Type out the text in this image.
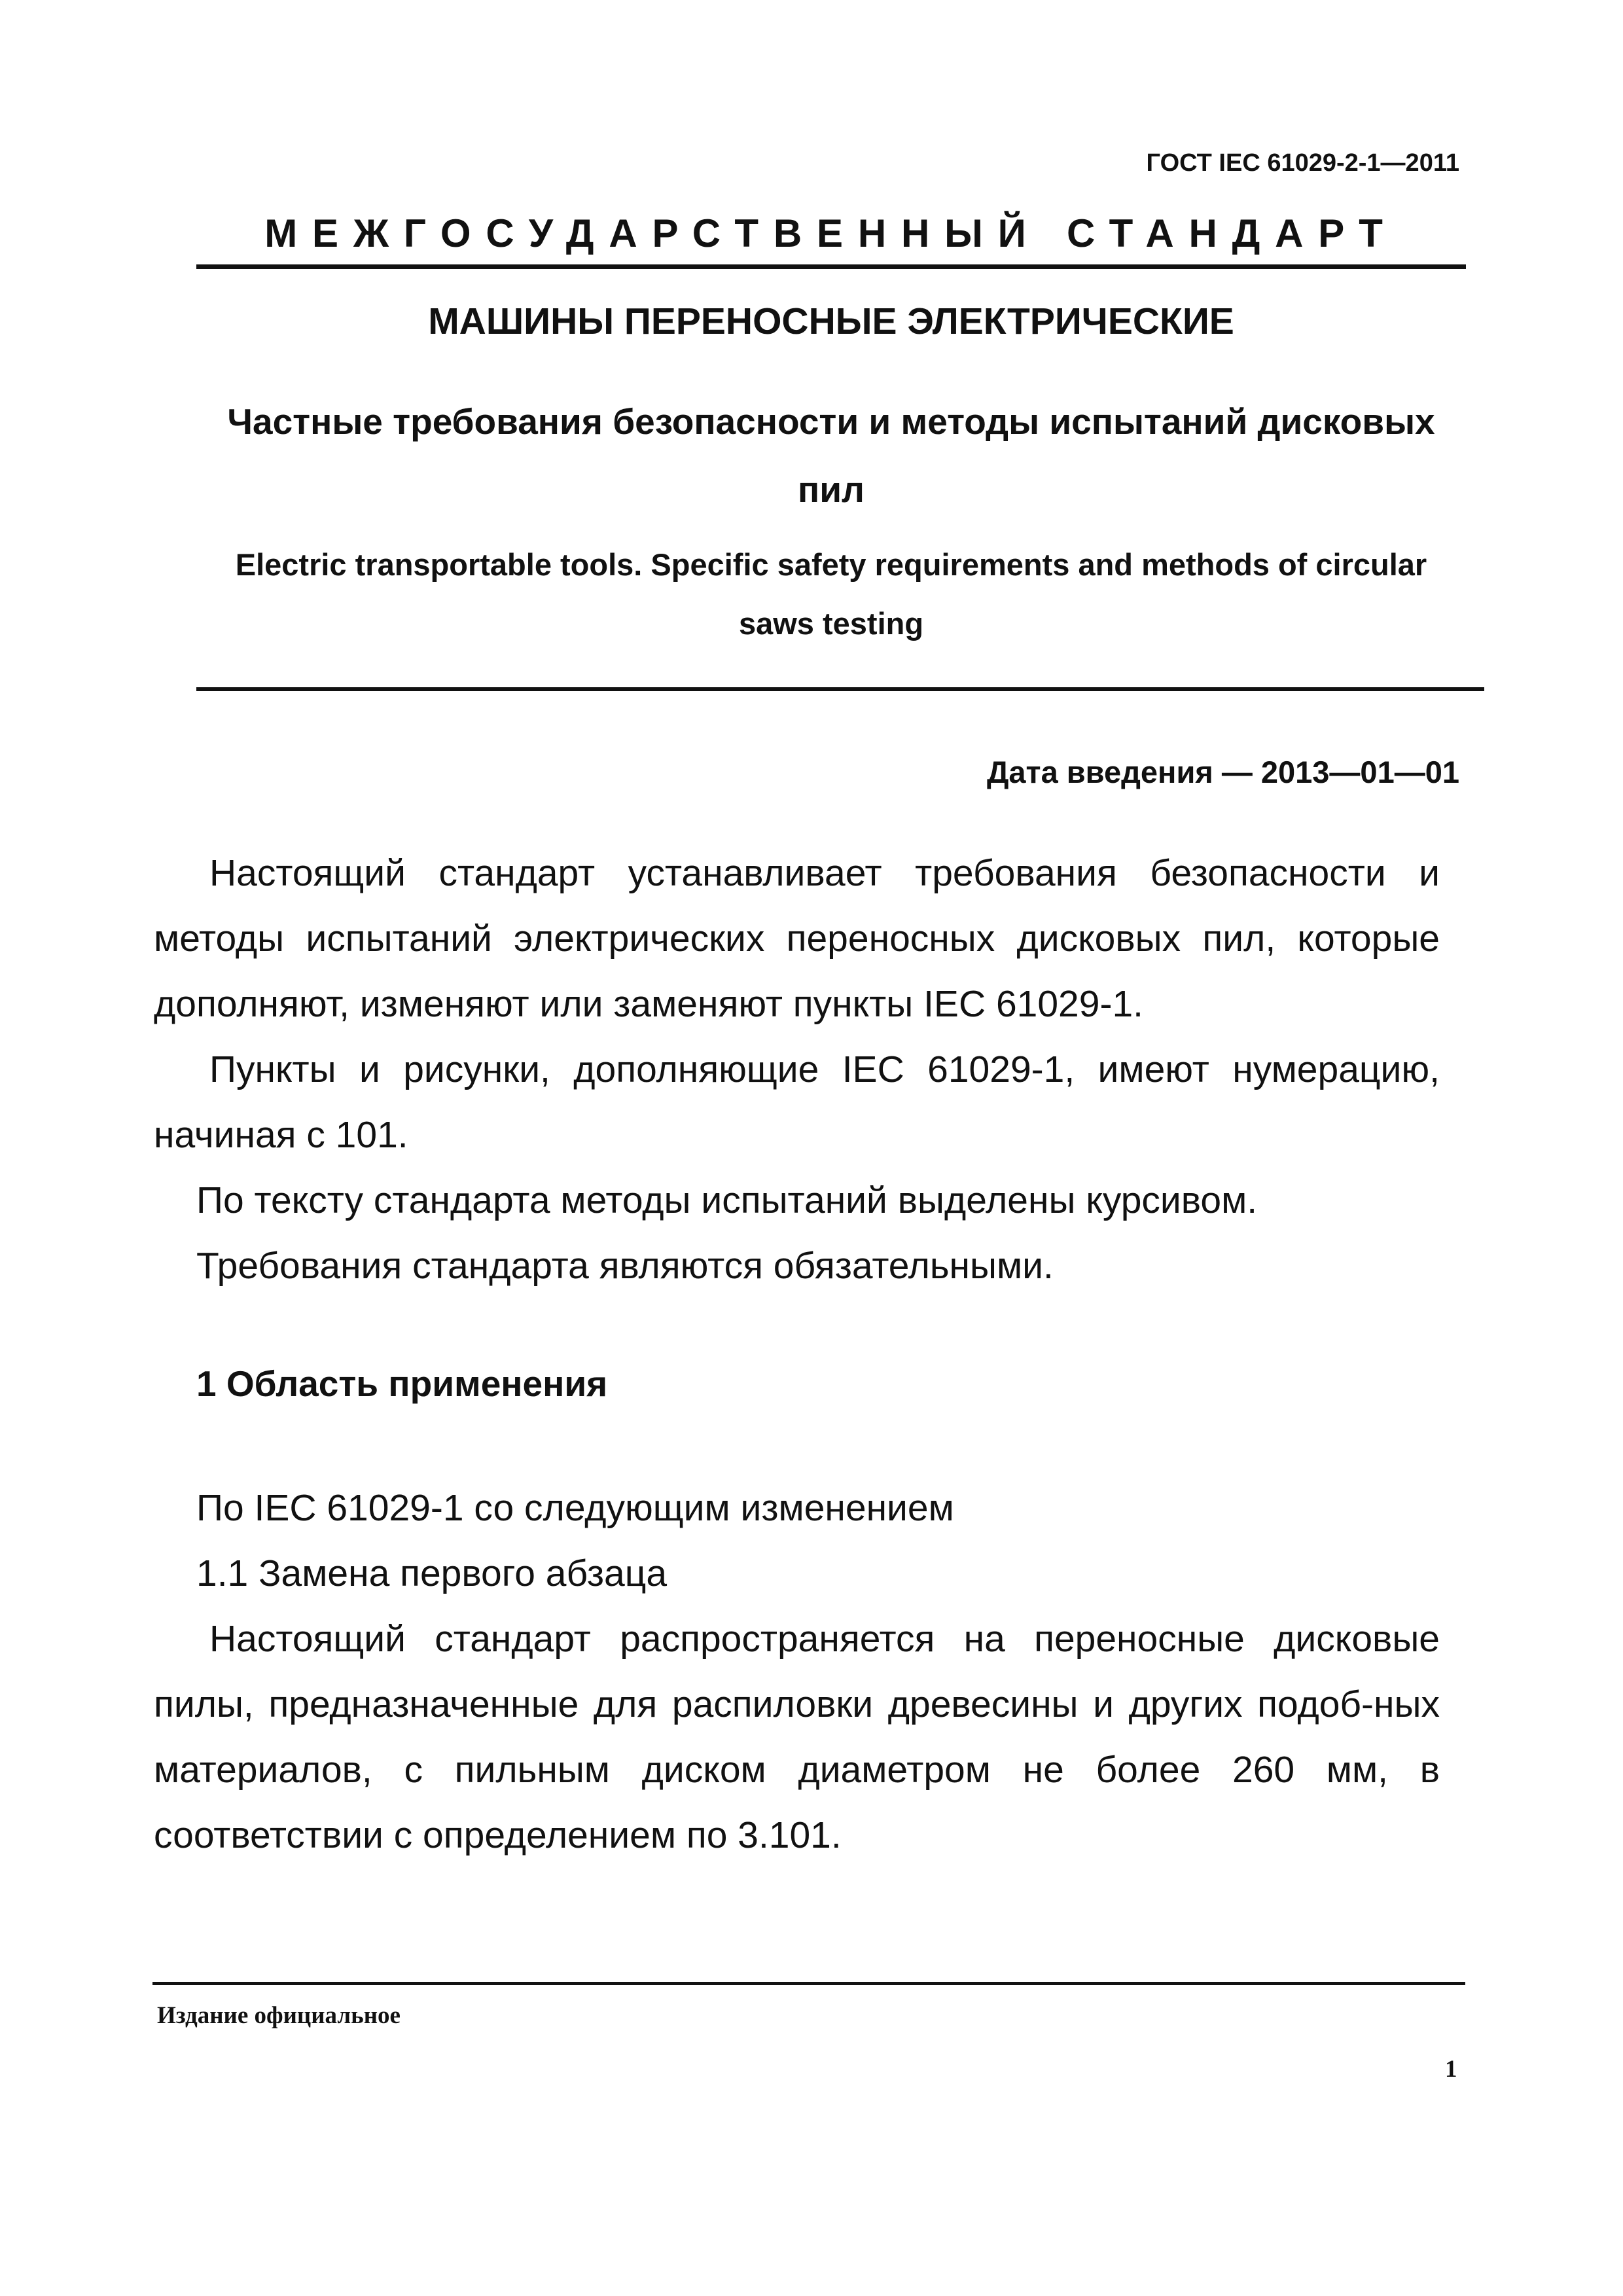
ГОСТ IEC 61029-2-1—2011
МЕЖГОСУДАРСТВЕННЫЙ СТАНДАРТ
МАШИНЫ ПЕРЕНОСНЫЕ ЭЛЕКТРИЧЕСКИЕ
Частные требования безопасности и методы испытаний дисковых пил
Electric transportable tools. Specific safety requirements and methods of circular saws testing
Дата введения — 2013—01—01

Настоящий стандарт устанавливает требования безопасности и методы испытаний электрических переносных дисковых пил, которые дополняют, изменяют или заменяют пункты IEC 61029-1.

Пункты и рисунки, дополняющие IEC 61029-1, имеют нумерацию, начиная с 101.

По тексту стандарта методы испытаний выделены курсивом.

Требования стандарта являются обязательными.

1 Область применения

По IEC 61029-1 со следующим изменением

1.1 Замена первого абзаца

Настоящий стандарт распространяется на переносные дисковые пилы, предназначенные для распиловки древесины и других подоб-ных материалов, с пильным диском диаметром не более 260 мм, в соответствии с определением по 3.101.

Издание официальное
1
